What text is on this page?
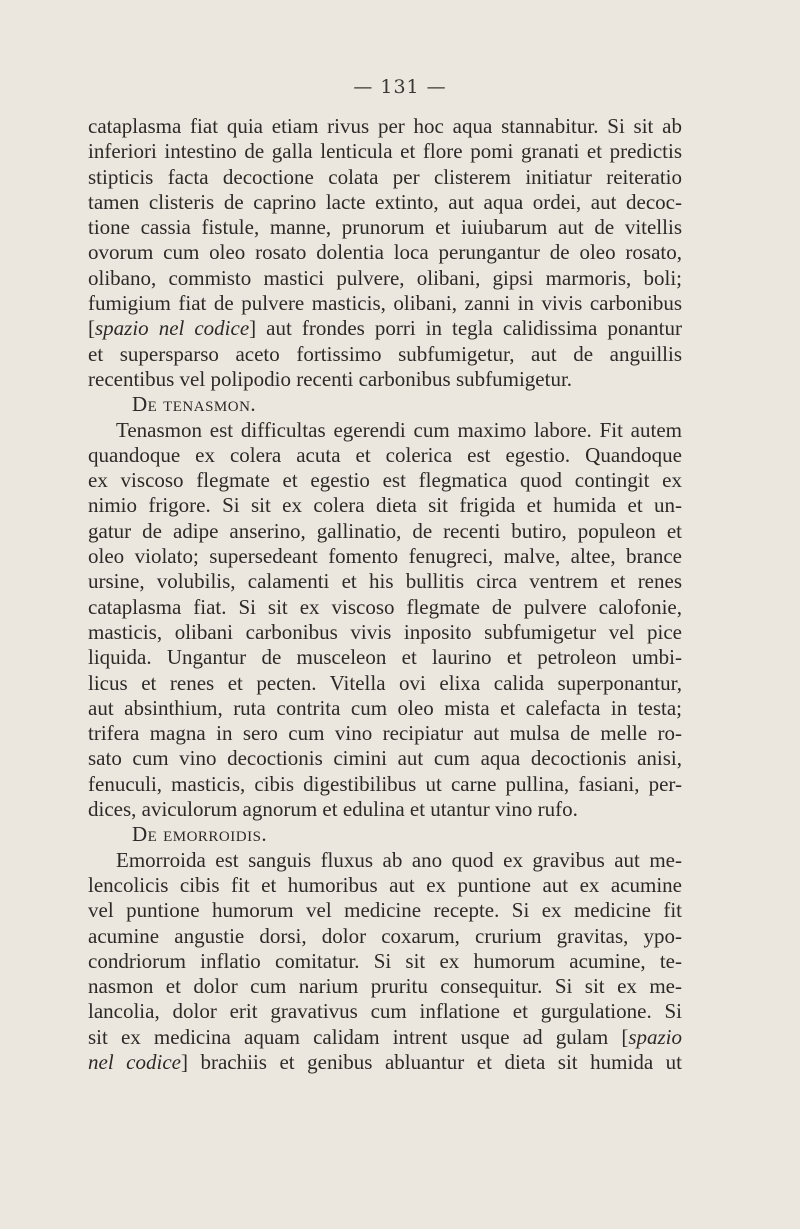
— 131 —
cataplasma fiat quia etiam rivus per hoc aqua stannabitur. Si sit ab
inferiori intestino de galla lenticula et flore pomi granati et predictis
stipticis facta decoctione colata per clisterem initiatur reiteratio
tamen clisteris de caprino lacte extinto, aut aqua ordei, aut decoc-
tione cassia fistule, manne, prunorum et iuiubarum aut de vitellis
ovorum cum oleo rosato dolentia loca perungantur de oleo rosato,
olibano, commisto mastici pulvere, olibani, gipsi marmoris, boli;
fumigium fiat de pulvere masticis, olibani, zanni in vivis carbonibus
[spazio nel codice] aut frondes porri in tegla calidissima ponantur
et supersparso aceto fortissimo subfumigetur, aut de anguillis
recentibus vel polipodio recenti carbonibus subfumigetur.
De tenasmon.
Tenasmon est difficultas egerendi cum maximo labore. Fit autem
quandoque ex colera acuta et colerica est egestio. Quandoque
ex viscoso flegmate et egestio est flegmatica quod contingit ex
nimio frigore. Si sit ex colera dieta sit frigida et humida et un-
gatur de adipe anserino, gallinatio, de recenti butiro, populeon et
oleo violato; supersedeant fomento fenugreci, malve, altee, brance
ursine, volubilis, calamenti et his bullitis circa ventrem et renes
cataplasma fiat. Si sit ex viscoso flegmate de pulvere calofonie,
masticis, olibani carbonibus vivis inposito subfumigetur vel pice
liquida. Ungantur de musceleon et laurino et petroleon umbi-
licus et renes et pecten. Vitella ovi elixa calida superponantur,
aut absinthium, ruta contrita cum oleo mista et calefacta in testa;
trifera magna in sero cum vino recipiatur aut mulsa de melle ro-
sato cum vino decoctionis cimini aut cum aqua decoctionis anisi,
fenuculi, masticis, cibis digestibilibus ut carne pullina, fasiani, per-
dices, aviculorum agnorum et edulina et utantur vino rufo.
De emorroidis.
Emorroida est sanguis fluxus ab ano quod ex gravibus aut me-
lencolicis cibis fit et humoribus aut ex puntione aut ex acumine
vel puntione humorum vel medicine recepte. Si ex medicine fit
acumine angustie dorsi, dolor coxarum, crurium gravitas, ypo-
condriorum inflatio comitatur. Si sit ex humorum acumine, te-
nasmon et dolor cum narium pruritu consequitur. Si sit ex me-
lancolia, dolor erit gravativus cum inflatione et gurgulatione. Si
sit ex medicina aquam calidam intrent usque ad gulam [spazio
nel codice] brachiis et genibus abluantur et dieta sit humida ut
